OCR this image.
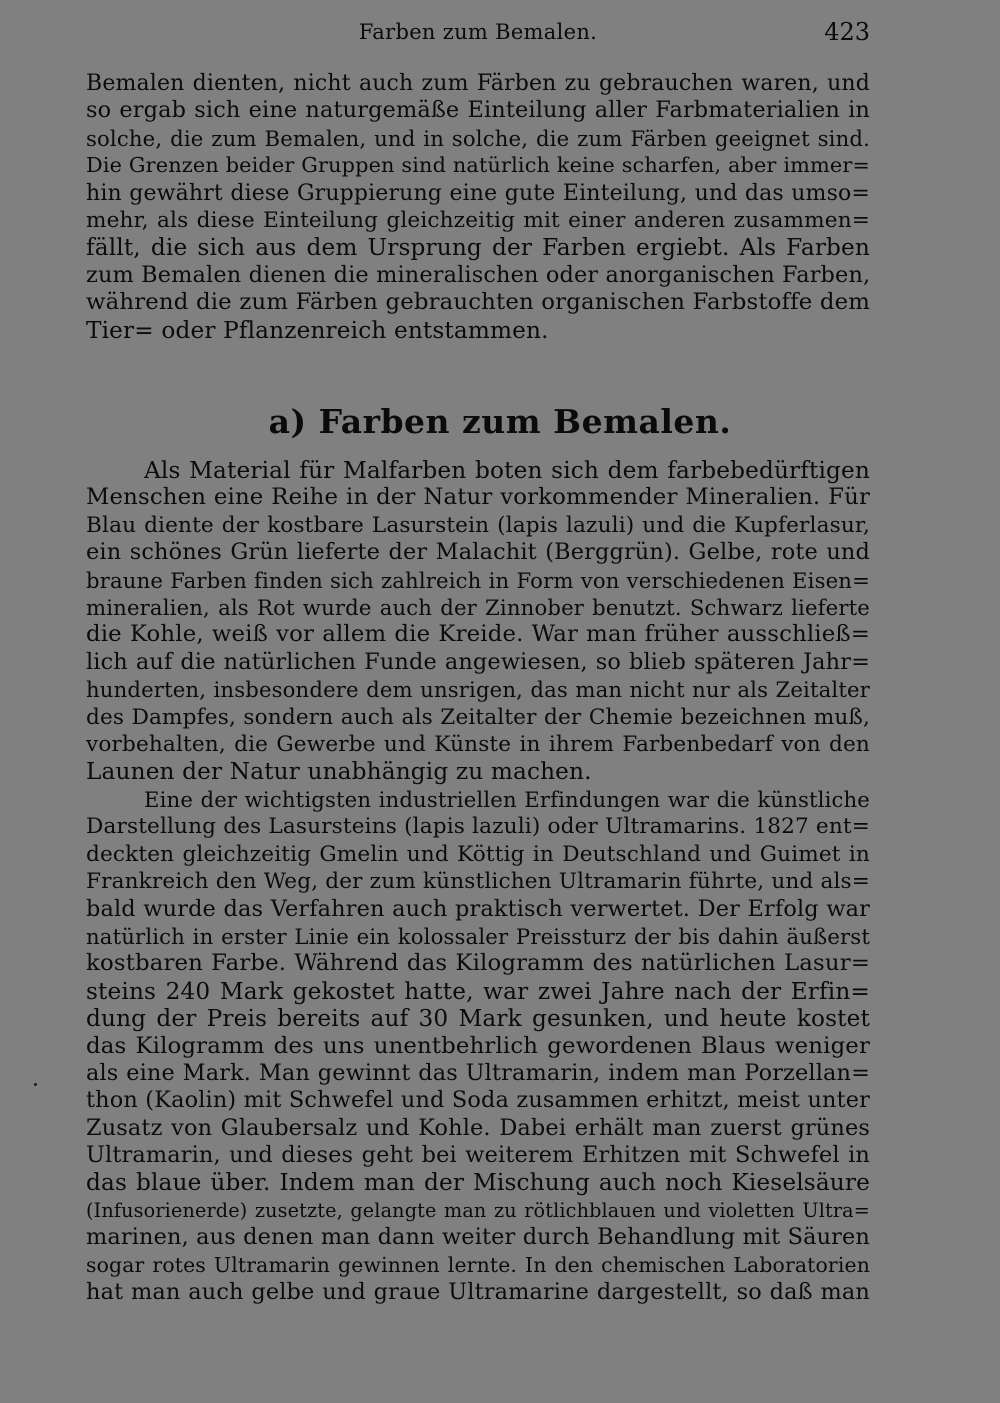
Farben zum Bemalen.	423
Bemalen dienten, nicht auch zum Färben zu gebrauchen waren, und
so ergab sich eine naturgemäße Einteilung aller Farbmaterialien in
solche, die zum Bemalen, und in solche, die zum Färben geeignet sind.
Die Grenzen beider Gruppen sind natürlich keine scharfen, aber immer=
hin gewährt diese Gruppierung eine gute Einteilung, und das umso=
mehr, als diese Einteilung gleichzeitig mit einer anderen zusammen=
fällt, die sich aus dem Ursprung der Farben ergiebt. Als Farben
zum Bemalen dienen die mineralischen oder anorganischen Farben,
während die zum Färben gebrauchten organischen Farbstoffe dem
Tier= oder Pflanzenreich entstammen.
a) Farben zum Bemalen.
Als Material für Malfarben boten sich dem farbebedürftigen
Menschen eine Reihe in der Natur vorkommender Mineralien. Für
Blau diente der kostbare Lasurstein (lapis lazuli) und die Kupferlasur,
ein schönes Grün lieferte der Malachit (Berggrün). Gelbe, rote und
braune Farben finden sich zahlreich in Form von verschiedenen Eisen=
mineralien, als Rot wurde auch der Zinnober benutzt. Schwarz lieferte
die Kohle, weiß vor allem die Kreide. War man früher ausschließ=
lich auf die natürlichen Funde angewiesen, so blieb späteren Jahr=
hunderten, insbesondere dem unsrigen, das man nicht nur als Zeitalter
des Dampfes, sondern auch als Zeitalter der Chemie bezeichnen muß,
vorbehalten, die Gewerbe und Künste in ihrem Farbenbedarf von den
Launen der Natur unabhängig zu machen.
Eine der wichtigsten industriellen Erfindungen war die künstliche
Darstellung des Lasursteins (lapis lazuli) oder Ultramarins. 1827 ent=
deckten gleichzeitig Gmelin und Köttig in Deutschland und Guimet in
Frankreich den Weg, der zum künstlichen Ultramarin führte, und als=
bald wurde das Verfahren auch praktisch verwertet. Der Erfolg war
natürlich in erster Linie ein kolossaler Preissturz der bis dahin äußerst
kostbaren Farbe. Während das Kilogramm des natürlichen Lasur=
steins 240 Mark gekostet hatte, war zwei Jahre nach der Erfin=
dung der Preis bereits auf 30 Mark gesunken, und heute kostet
das Kilogramm des uns unentbehrlich gewordenen Blaus weniger
als eine Mark. Man gewinnt das Ultramarin, indem man Porzellan=
thon (Kaolin) mit Schwefel und Soda zusammen erhitzt, meist unter
Zusatz von Glaubersalz und Kohle. Dabei erhält man zuerst grünes
Ultramarin, und dieses geht bei weiterem Erhitzen mit Schwefel in
das blaue über. Indem man der Mischung auch noch Kieselsäure
(Infusorienerde) zusetzte, gelangte man zu rötlichblauen und violetten Ultra=
marinen, aus denen man dann weiter durch Behandlung mit Säuren
sogar rotes Ultramarin gewinnen lernte. In den chemischen Laboratorien
hat man auch gelbe und graue Ultramarine dargestellt, so daß man
